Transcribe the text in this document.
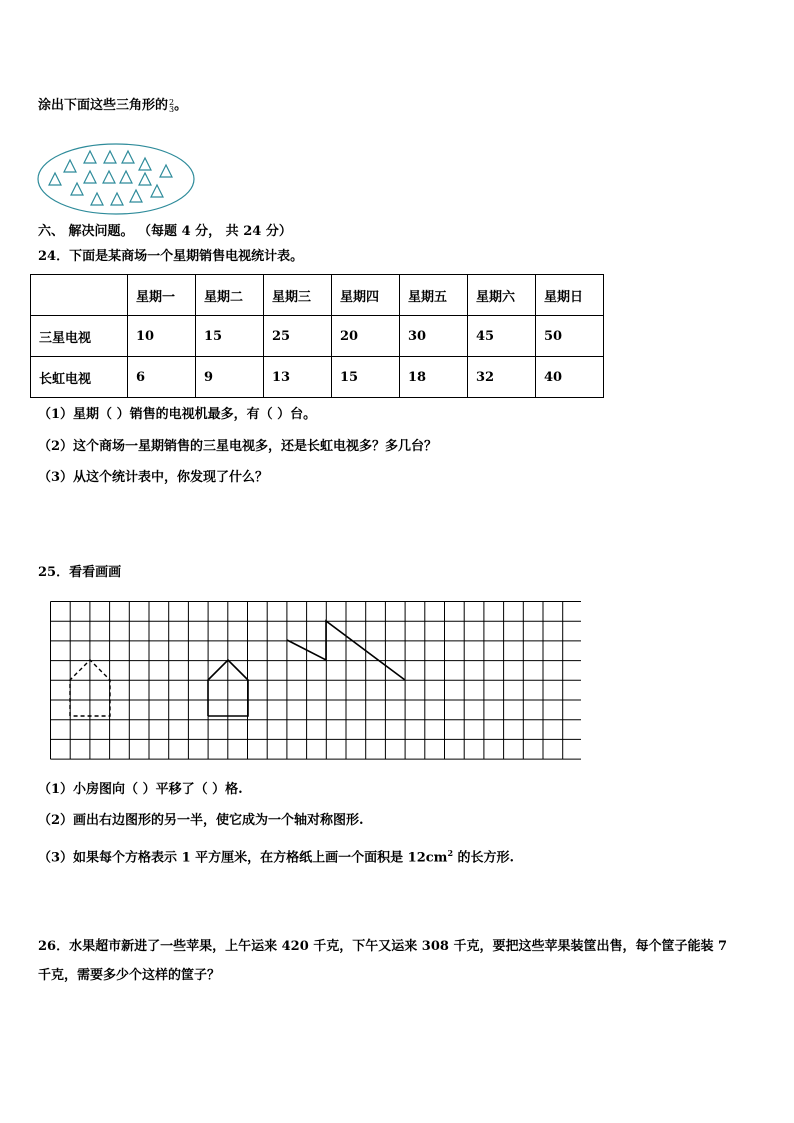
涂出下面这些三角形的 2
3 。
六、 解决问题。 （每题 4 分， 共 24 分）
24．下面是某商场一个星期销售电视统计表。
	星期一	星期二	星期三	星期四	星期五	星期六	星期日
三星电视	10	15	25	20	30	45	50
长虹电视	6	9	13	15	18	32	40
（1）星期（ ）销售的电视机最多，有（ ）台。
（2）这个商场一星期销售的三星电视多，还是长虹电视多？多几台？
（3）从这个统计表中，你发现了什么？
25．看看画画
（1）小房图向（ ）平移了（ ）格.
（2）画出右边图形的另一半，使它成为一个轴对称图形.
（3）如果每个方格表示 1 平方厘米，在方格纸上画一个面积是 $12cm^2$ 的长方形.
26．水果超市新进了一些苹果，上午运来 420 千克，下午又运来 308 千克，要把这些苹果装筐出售，每个筐子能装 7
千克，需要多少个这样的筐子？
